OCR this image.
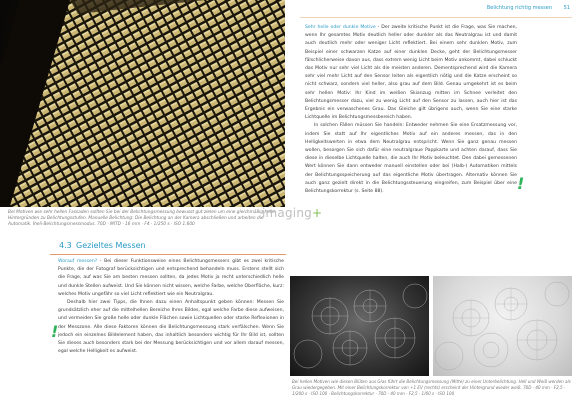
Bei Motiven wie sehr hellen Fassaden sollten Sie bei der Belichtungsmessung bewusst gut zielen um eine gleichmäßig helle Hintergründen zu Belichtungsstufen. Manuelle Belichtung: Die Belichtung an der Kamera abschließen und arbeiten die Automatik. Iheli-Belichtungsmessmodus. 70D · MITD · 16 mm · F4 · 1/250 s · ISO 1.600
4.3 Gezieltes Messen
!

Worauf messen? - Bei dieser Funktionsweise eines Belichtungsmessers gibt es zwei kritische Punkte, die der Fotograf berücksichtigen und entsprechend behandeln muss. Erstens stellt sich die Frage, auf was Sie am besten messen sollten, da jedes Motiv ja recht unterschiedlich helle und dunkle Stellen aufweist. Und Sie können nicht wissen, welche Farbe, welche Oberfläche, kurz: welches Motiv ungefähr so viel Licht reflektiert wie ein Neutralgrau.

Deshalb hier zwei Tipps, die Ihnen dazu einen Anhaltspunkt geben können: Messen Sie grundsätzlich eher auf die mittelhellen Bereiche Ihres Bildes, egal welche Farbe diese aufweisen, und vermeiden Sie große helle oder dunkle Flächen sowie Lichtquellen oder starke Reflexionen in der Messzone. Alle diese Faktoren können die Belichtungsmessung stark verfälschen. Wenn Sie jedoch ein einzelnes Bildelement haben, das inhaltlich besonders wichtig für Ihr Bild ist, sollten Sie dieses auch besonders stark bei der Messung berücksichtigen und vor allem darauf messen, egal welche Helligkeit es aufweist.

Belichtung richtig messen 51
!

Sehr helle oder dunkle Motive - Der zweite kritische Punkt ist die Frage, was Sie machen, wenn Ihr gesamtes Motiv deutlich heller oder dunkler als das Neutralgrau ist und damit auch deutlich mehr oder weniger Licht reflektiert. Bei einem sehr dunklen Motiv, zum Beispiel einer schwarzen Katze auf einer dunklen Decke, geht der Belichtungsmesser fälschlicherweise davon aus, dass extrem wenig Licht beim Motiv ankommt, dabei schluckt das Motiv nur sehr viel Licht als die meisten anderen. Dementsprechend wird die Kamera sehr viel mehr Licht auf den Sensor leiten als eigentlich nötig und die Katze erscheint so nicht schwarz, sondern viel heller, also grau auf dem Bild. Genau umgekehrt ist es beim sehr hellen Motiv: Ihr Kind im weißen Skianzug mitten im Schnee verleitet den Belichtungsmesser dazu, viel zu wenig Licht auf den Sensor zu lassen, auch hier ist das Ergebnis ein verwaschenes Grau. Das Gleiche gilt übrigens auch, wenn Sie eine starke Lichtquelle im Belichtungsmessbereich haben.

In solchen Fällen müssen Sie handeln: Entweder nehmen Sie eine Ersatzmessung vor, indem Sie statt auf Ihr eigentliches Motiv auf ein anderes messen, das in den Helligkeitswerten in etwa dem Neutralgrau entspricht. Wenn Sie ganz genau messen wollen, besorgen Sie sich dafür eine neutralgraue Pappkarte und achten darauf, dass Sie diese in dieselbe Lichtquelle halten, die auch Ihr Motiv beleuchtet. Den dabei gemessenen Wert können Sie dann entweder manuell einstellen oder bei (Halb-) Automatiken mittels der Belichtungsspeicherung auf das eigentliche Motiv übertragen. Alternativ können Sie auch ganz gezielt direkt in die Belichtungssteuerung eingreifen, zum Beispiel über eine Belichtungskorrektur (s. Seite 88).

imaging+
Bei hellen Motiven wie diesen Blüten aus Glas führt die Belichtungsmessung (Mitte) zu einer Unterbelichtung. Hell und Weiß werden als Grau wiedergegeben. Mit einer Belichtungskorrektur von +1 EV (rechts) erscheint der Hintergrund wieder weiß. 70D · 40 mm · F2,5 · 1/200 s · ISO 100 · Belichtungskorrektur · 70D · 40 mm · F2,5 · 1/60 s · ISO 100
